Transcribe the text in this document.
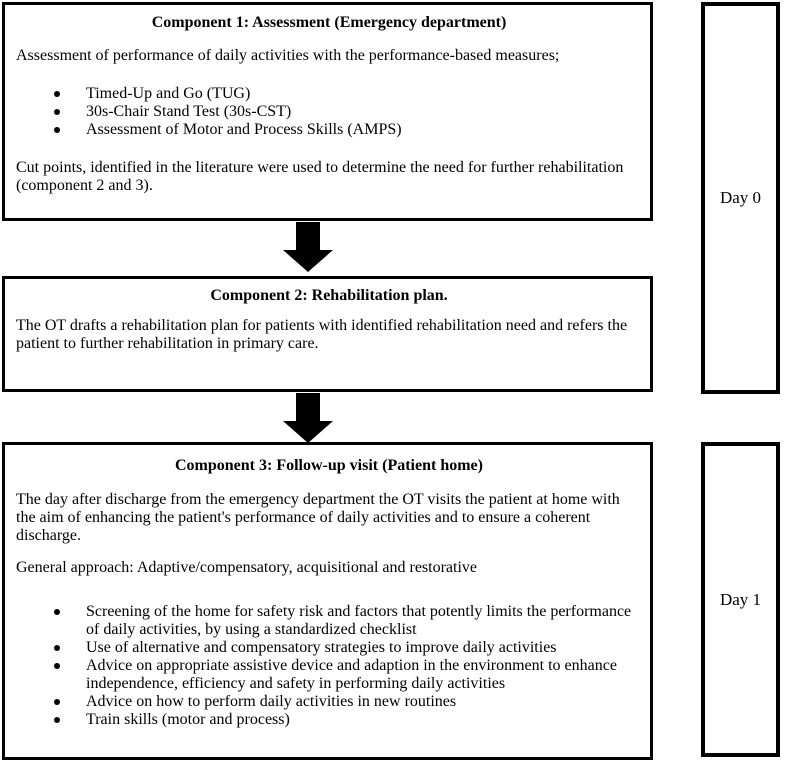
Component 1: Assessment (Emergency department)

Assessment of performance of daily activities with the performance-based measures;

Timed-Up and Go (TUG)
30s-Chair Stand Test (30s-CST)
Assessment of Motor and Process Skills (AMPS)

Cut points, identified in the literature were used to determine the need for further rehabilitation (component 2 and 3).

Component 2: Rehabilitation plan.

The OT drafts a rehabilitation plan for patients with identified rehabilitation need and refers the patient to further rehabilitation in primary care.

Component 3: Follow-up visit (Patient home)

The day after discharge from the emergency department the OT visits the patient at home with the aim of enhancing the patient's performance of daily activities and to ensure a coherent discharge.

General approach: Adaptive/compensatory, acquisitional and restorative

Screening of the home for safety risk and factors that potently limits the performance of daily activities, by using a standardized checklist
Use of alternative and compensatory strategies to improve daily activities
Advice on appropriate assistive device and adaption in the environment to enhance independence, efficiency and safety in performing daily activities
Advice on how to perform daily activities in new routines
Train skills (motor and process)
Day 0
Day 1
